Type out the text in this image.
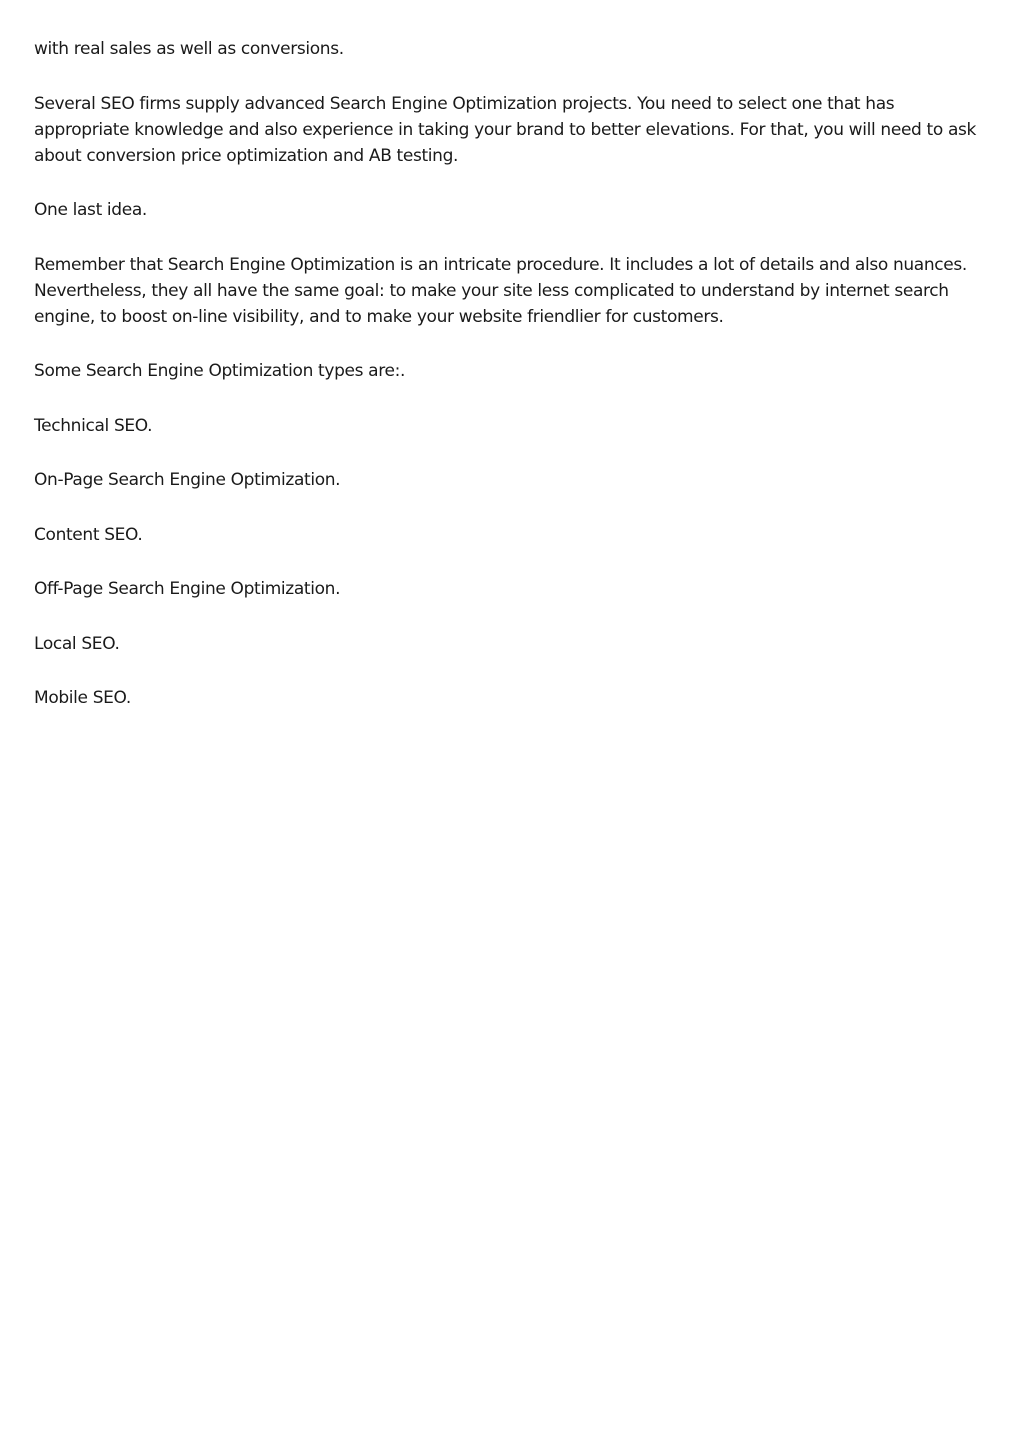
with real sales as well as conversions.

Several SEO firms supply advanced Search Engine Optimization projects. You need to select one that has appropriate knowledge and also experience in taking your brand to better elevations. For that, you will need to ask about conversion price optimization and AB testing.

One last idea.

Remember that Search Engine Optimization is an intricate procedure. It includes a lot of details and also nuances. Nevertheless, they all have the same goal: to make your site less complicated to understand by internet search engine, to boost on-line visibility, and to make your website friendlier for customers.

Some Search Engine Optimization types are:.

Technical SEO.

On-Page Search Engine Optimization.

Content SEO.

Off-Page Search Engine Optimization.

Local SEO.

Mobile SEO.
